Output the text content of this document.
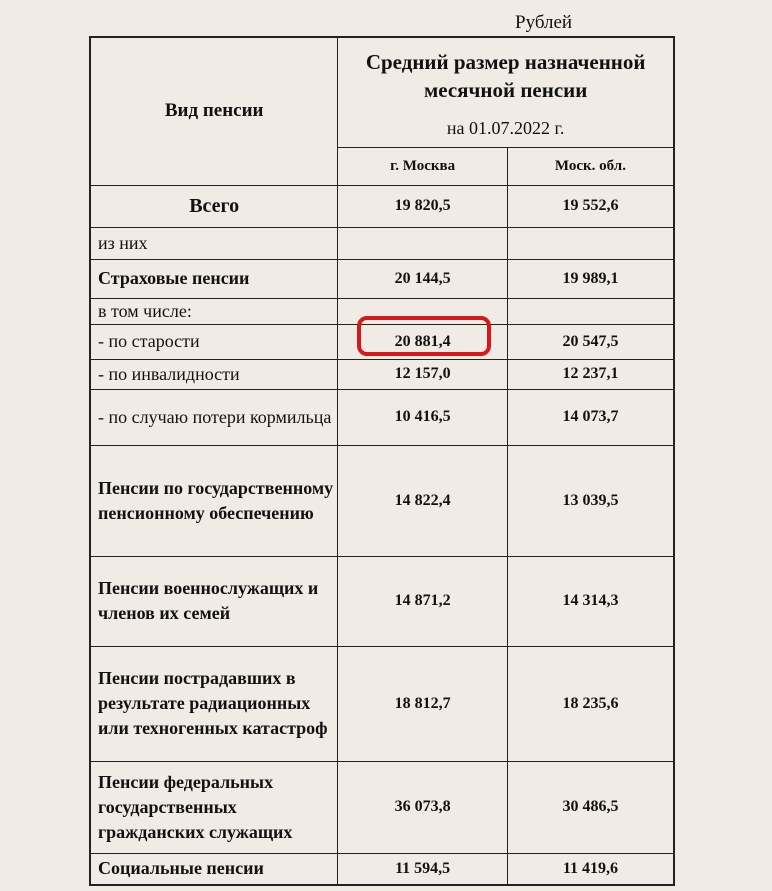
Рублей
Вид пенсии	Средний размер назначенной месячной пенсии
на 01.07.2022 г.	

	г. Москва	Моск. обл.
Всего	19 820,5	19 552,6
из них		
Страховые пенсии	20 144,5	19 989,1
в том числе:		
- по старости	20 881,4	20 547,5
- по инвалидности	12 157,0	12 237,1
- по случаю потери кормильца	10 416,5	14 073,7
Пенсии по государственному пенсионному обеспечению	14 822,4	13 039,5
Пенсии военнослужащих и членов их семей	14 871,2	14 314,3
Пенсии пострадавших в результате радиационных или техногенных катастроф	18 812,7	18 235,6
Пенсии федеральных государственных гражданских служащих	36 073,8	30 486,5
Социальные пенсии	11 594,5	11 419,6
